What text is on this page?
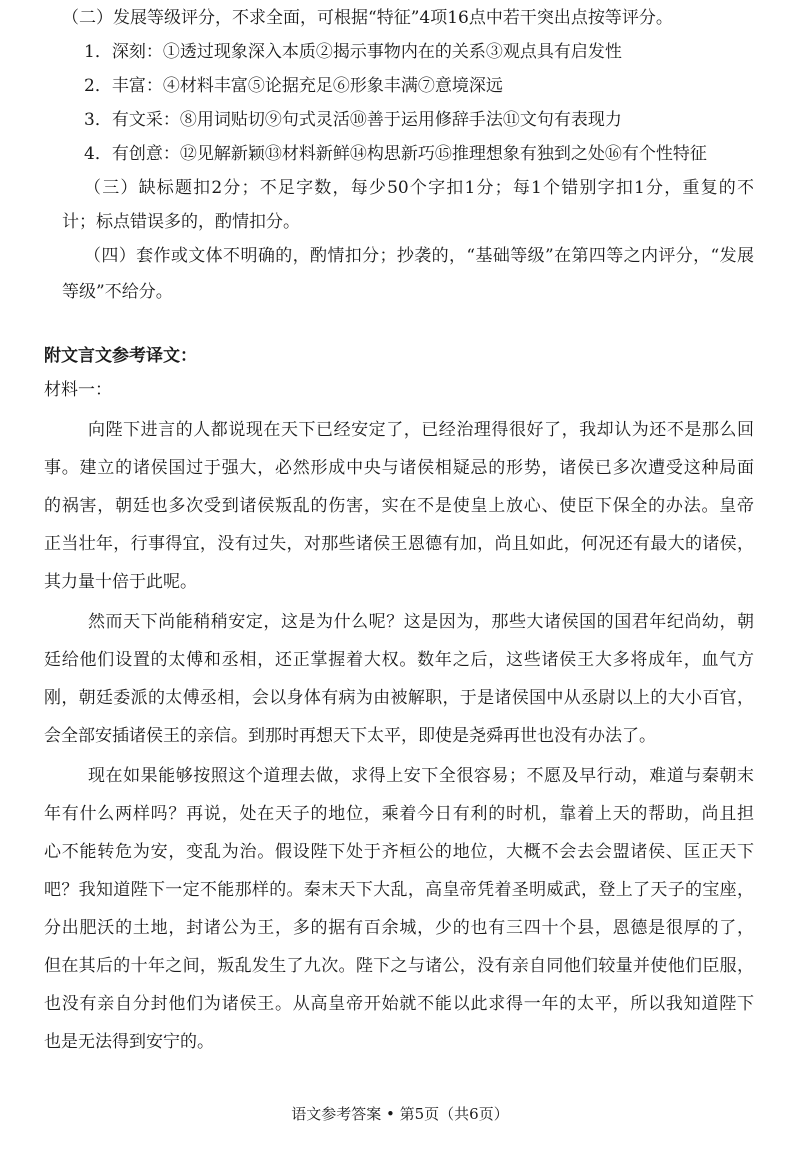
（二）发展等级评分，不求全面，可根据“特征”4项16点中若干突出点按等评分。
1．深刻：①透过现象深入本质②揭示事物内在的关系③观点具有启发性
2．丰富：④材料丰富⑤论据充足⑥形象丰满⑦意境深远
3．有文采：⑧用词贴切⑨句式灵活⑩善于运用修辞手法⑪文句有表现力
4．有创意：⑫见解新颖⑬材料新鲜⑭构思新巧⑮推理想象有独到之处⑯有个性特征
（三）缺标题扣2分；不足字数，每少50个字扣1分；每1个错别字扣1分，重复的不
计；标点错误多的，酌情扣分。
（四）套作或文体不明确的，酌情扣分；抄袭的，“基础等级”在第四等之内评分，“发展
等级”不给分。
附文言文参考译文：
材料一：
向陛下进言的人都说现在天下已经安定了，已经治理得很好了，我却认为还不是那么回
事。建立的诸侯国过于强大，必然形成中央与诸侯相疑忌的形势，诸侯已多次遭受这种局面
的祸害，朝廷也多次受到诸侯叛乱的伤害，实在不是使皇上放心、使臣下保全的办法。皇帝
正当壮年，行事得宜，没有过失，对那些诸侯王恩德有加，尚且如此，何况还有最大的诸侯，
其力量十倍于此呢。
然而天下尚能稍稍安定，这是为什么呢？这是因为，那些大诸侯国的国君年纪尚幼，朝
廷给他们设置的太傅和丞相，还正掌握着大权。数年之后，这些诸侯王大多将成年，血气方
刚，朝廷委派的太傅丞相，会以身体有病为由被解职，于是诸侯国中从丞尉以上的大小百官，
会全部安插诸侯王的亲信。到那时再想天下太平，即使是尧舜再世也没有办法了。
现在如果能够按照这个道理去做，求得上安下全很容易；不愿及早行动，难道与秦朝末
年有什么两样吗？再说，处在天子的地位，乘着今日有利的时机，靠着上天的帮助，尚且担
心不能转危为安，变乱为治。假设陛下处于齐桓公的地位，大概不会去会盟诸侯、匡正天下
吧？我知道陛下一定不能那样的。秦末天下大乱，高皇帝凭着圣明威武，登上了天子的宝座，
分出肥沃的土地，封诸公为王，多的据有百余城，少的也有三四十个县，恩德是很厚的了，
但在其后的十年之间，叛乱发生了九次。陛下之与诸公，没有亲自同他们较量并使他们臣服，
也没有亲自分封他们为诸侯王。从高皇帝开始就不能以此求得一年的太平，所以我知道陛下
也是无法得到安宁的。
语文参考答案 • 第5页（共6页）
